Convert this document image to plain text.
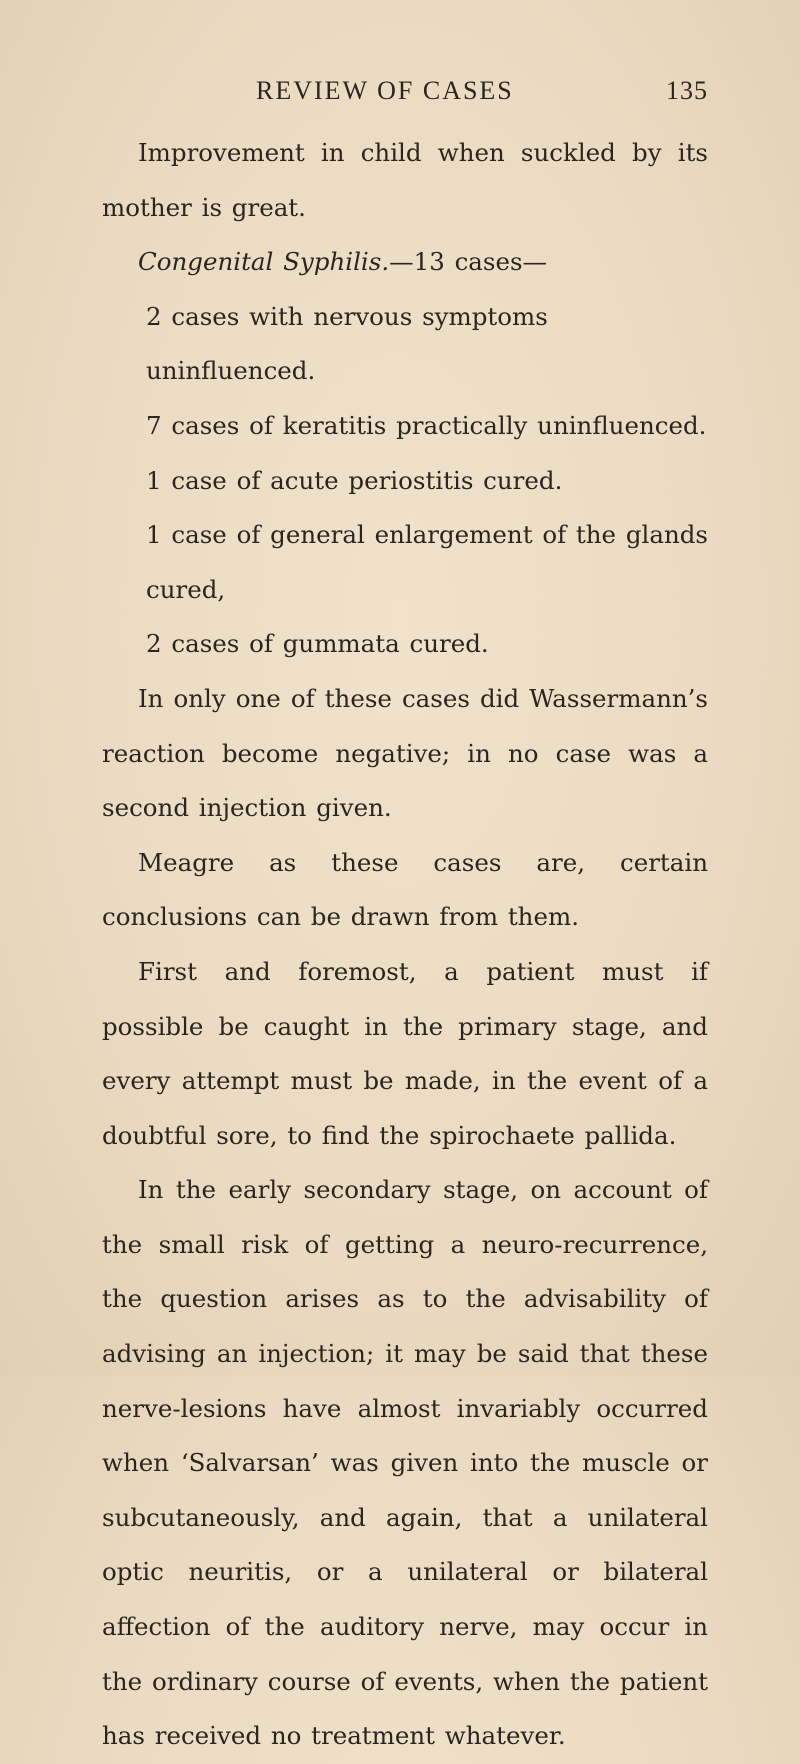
REVIEW OF CASES	135

Improvement in child when suckled by its mother is great.

Congenital Syphilis.—13 cases—

2 cases with nervous symptoms uninfluenced.
7 cases of keratitis practically uninfluenced.
1 case of acute periostitis cured.
1 case of general enlargement of the glands cured,
2 cases of gummata cured.

In only one of these cases did Wassermann’s reaction become negative; in no case was a second injection given.

Meagre as these cases are, certain conclusions can be drawn from them.

First and foremost, a patient must if possible be caught in the primary stage, and every attempt must be made, in the event of a doubtful sore, to find the spirochaete pallida.

In the early secondary stage, on account of the small risk of getting a neuro-recurrence, the question arises as to the advisability of advising an injection; it may be said that these nerve-lesions have almost invariably occurred when ‘Salvarsan’ was given into the muscle or subcutaneously, and again, that a unilateral optic neuritis, or a unilateral or bilateral affection of the auditory nerve, may occur in the ordinary course of events, when the patient has received no treatment whatever.
